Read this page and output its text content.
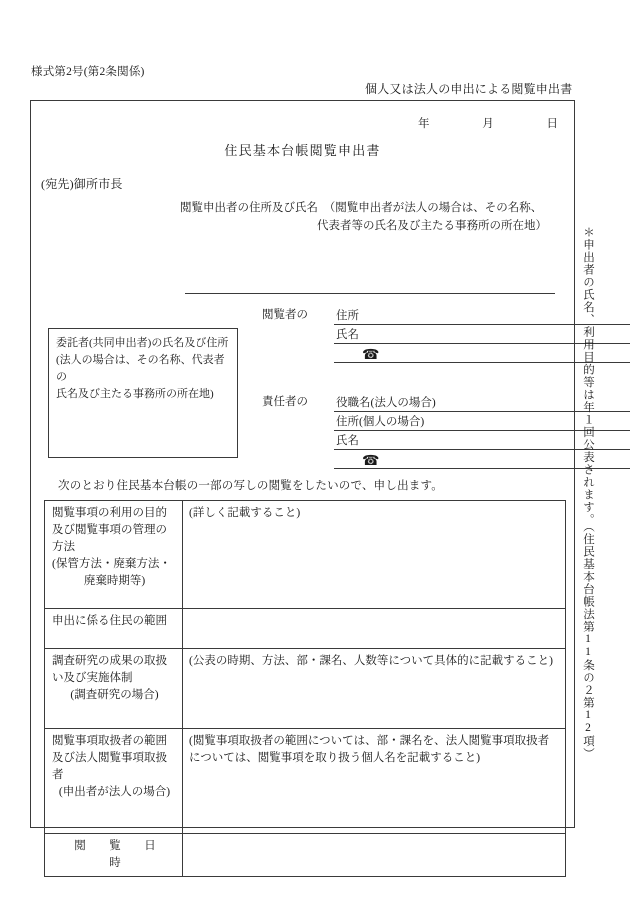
様式第2号(第2条関係)
個人又は法人の申出による閲覧申出書
年	月	日
住民基本台帳閲覧申出書
(宛先)御所市長
閲覧申出者の住所及び氏名　（閲覧申出者が法人の場合は、その名称、
代表者等の氏名及び主たる事務所の所在地）
委託者(共同申出者)の氏名及び住所
(法人の場合は、その名称、代表者の
氏名及び主たる事務所の所在地)
閲覧者の 住所
氏名
☎
責任者の 役職名(法人の場合)
住所(個人の場合)
氏名
☎
次のとおり住民基本台帳の一部の写しの閲覧をしたいので、申し出ます。
閲覧事項の利用の目的
及び閲覧事項の管理の
方法
(保管方法・廃棄方法・
廃棄時期等)	(詳しく記載すること)

申出に係る住民の範囲	

調査研究の成果の取扱
い及び実施体制
(調査研究の場合)	(公表の時期、方法、部・課名、人数等について具体的に記載すること)

閲覧事項取扱者の範囲
及び法人閲覧事項取扱
者
(申出者が法人の場合)	(閲覧事項取扱者の範囲については、部・課名を、法人閲覧事項取扱者については、閲覧事項を取り扱う個人名を記載すること)

閲　覧　日　時	

＊申出者の氏名、利用目的等は年１回公表されます。（住民基本台帳法第11条の２第12項）
